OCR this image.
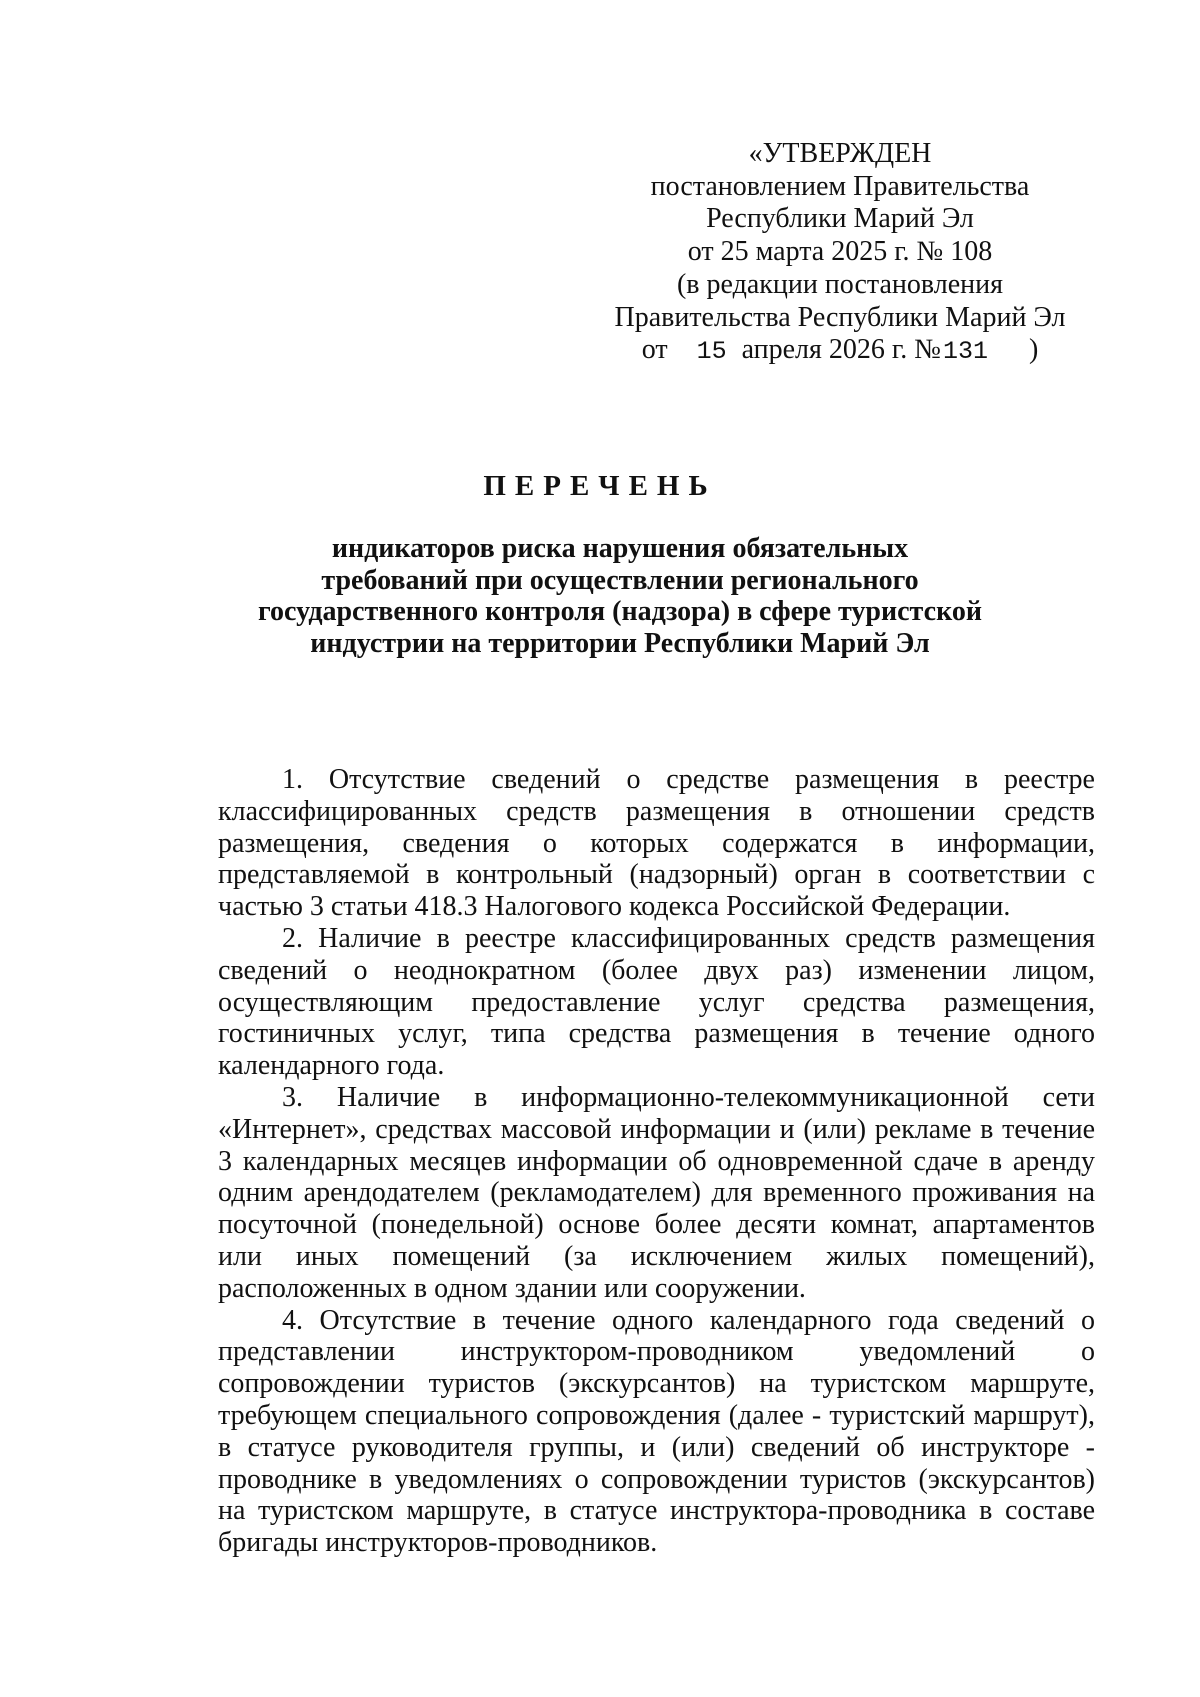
«УТВЕРЖДЕН
постановлением Правительства
Республики Марий Эл
от 25 марта 2025 г. № 108
(в редакции постановления
Правительства Республики Марий Эл
от 15 апреля 2026 г. №131 )
ПЕРЕЧЕНЬ
индикаторов риска нарушения обязательных
требований при осуществлении регионального
государственного контроля (надзора) в сфере туристской
индустрии на территории Республики Марий Эл

1. Отсутствие сведений о средстве размещения в реестре классифицированных средств размещения в отношении средств размещения, сведения о которых содержатся в информации, представляемой в контрольный (надзорный) орган в соответствии с частью 3 статьи 418.3 Налогового кодекса Российской Федерации.

2. Наличие в реестре классифицированных средств размещения сведений о неоднократном (более двух раз) изменении лицом, осуществляющим предоставление услуг средства размещения, гостиничных услуг, типа средства размещения в течение одного календарного года.

3. Наличие в информационно-телекоммуникационной сети «Интернет», средствах массовой информации и (или) рекламе в течение 3 календарных месяцев информации об одновременной сдаче в аренду одним арендодателем (рекламодателем) для временного проживания на посуточной (понедельной) основе более десяти комнат, апартаментов или иных помещений (за исключением жилых помещений), расположенных в одном здании или сооружении.

4. Отсутствие в течение одного календарного года сведений о представлении инструктором-проводником уведомлений о сопровождении туристов (экскурсантов) на туристском маршруте, требующем специального сопровождения (далее - туристский маршрут), в статусе руководителя группы, и (или) сведений об инструкторе - проводнике в уведомлениях о сопровождении туристов (экскурсантов) на туристском маршруте, в статусе инструктора-проводника в составе бригады инструкторов-проводников.
